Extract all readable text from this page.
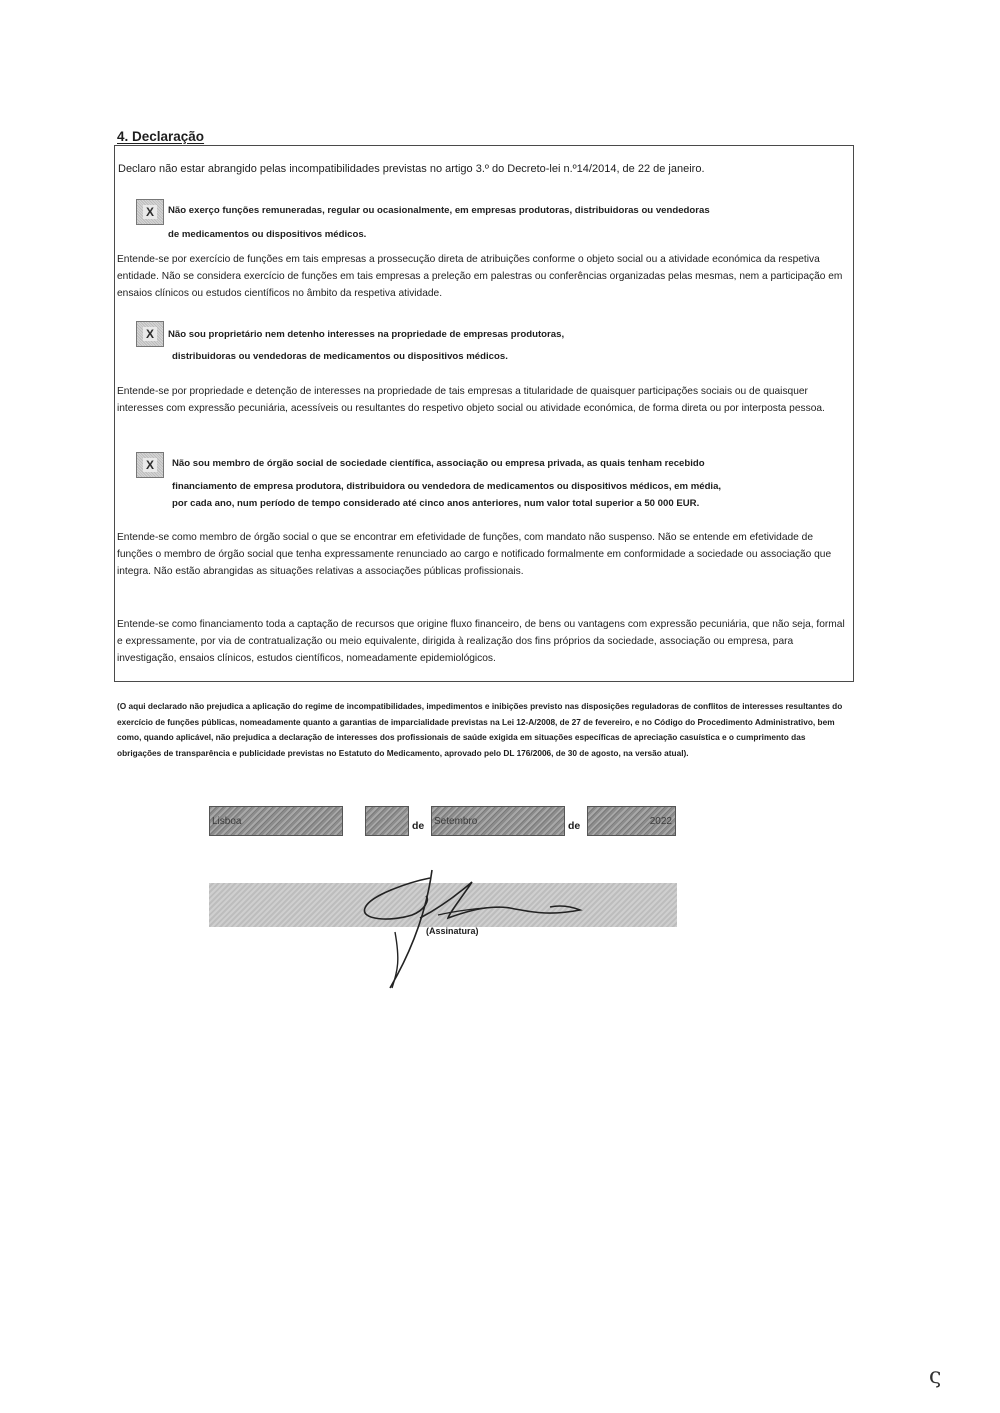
4. Declaração

Declaro não estar abrangido pelas incompatibilidades previstas no artigo 3.º do Decreto-lei n.º14/2014, de 22 de janeiro.

X	Não exerço funções remuneradas, regular ou ocasionalmente, em empresas produtoras, distribuidoras ou vendedoras

de medicamentos ou dispositivos médicos.

Entende-se por exercício de funções em tais empresas a prossecução direta de atribuições conforme o objeto social ou a atividade económica da respetiva entidade. Não se considera exercício de funções em tais empresas a preleção em palestras ou conferências organizadas pelas mesmas, nem a participação em ensaios clínicos ou estudos científicos no âmbito da respetiva atividade.

X	Não sou proprietário nem detenho interesses na propriedade de empresas produtoras,

distribuidoras ou vendedoras de medicamentos ou dispositivos médicos.

Entende-se por propriedade e detenção de interesses na propriedade de tais empresas a titularidade de quaisquer participações sociais ou de quaisquer interesses com expressão pecuniária, acessíveis ou resultantes do respetivo objeto social ou atividade económica, de forma direta ou por interposta pessoa.

X	Não sou membro de órgão social de sociedade científica, associação ou empresa privada, as quais tenham recebido

financiamento de empresa produtora, distribuidora ou vendedora de medicamentos ou dispositivos médicos, em média,

por cada ano, num período de tempo considerado até cinco anos anteriores, num valor total superior a 50 000 EUR.

Entende-se como membro de órgão social o que se encontrar em efetividade de funções, com mandato não suspenso. Não se entende em efetividade de funções o membro de órgão social que tenha expressamente renunciado ao cargo e notificado formalmente em conformidade a sociedade ou associação que integra. Não estão abrangidas as situações relativas a associações públicas profissionais.

Entende-se como financiamento toda a captação de recursos que origine fluxo financeiro, de bens ou vantagens com expressão pecuniária, que não seja, formal e expressamente, por via de contratualização ou meio equivalente, dirigida à realização dos fins próprios da sociedade, associação ou empresa, para investigação, ensaios clínicos, estudos científicos, nomeadamente epidemiológicos.

(O aqui declarado não prejudica a aplicação do regime de incompatibilidades, impedimentos e inibições previsto nas disposições reguladoras de conflitos de interesses resultantes do exercício de funções públicas, nomeadamente quanto a garantias de imparcialidade previstas na Lei 12-A/2008, de 27 de fevereiro, e no Código do Procedimento Administrativo, bem como, quando aplicável, não prejudica a declaração de interesses dos profissionais de saúde exigida em situações específicas de apreciação casuística e o cumprimento das obrigações de transparência e publicidade previstas no Estatuto do Medicamento, aprovado pelo DL 176/2006, de 30 de agosto, na versão atual).

Lisboa	de Setembro	de	2022
(Assinatura)
ς
